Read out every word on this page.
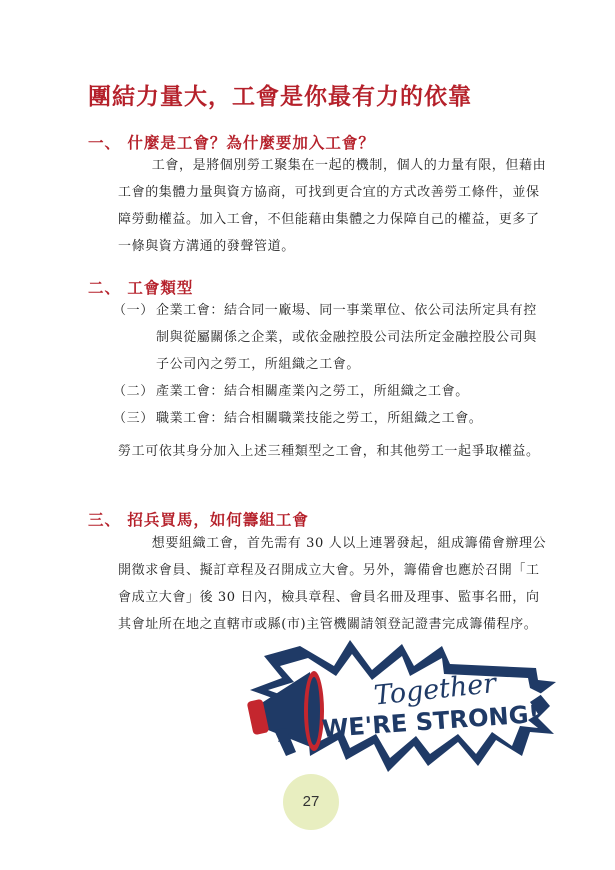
團結力量大，工會是你最有力的依靠
一、 什麼是工會？為什麼要加入工會？

工會，是將個別勞工聚集在一起的機制，個人的力量有限，但藉由工會的集體力量與資方協商，可找到更合宜的方式改善勞工條件，並保障勞動權益。加入工會，不但能藉由集體之力保障自己的權益，更多了一條與資方溝通的發聲管道。

二、 工會類型
（一） 企業工會：結合同一廠場、同一事業單位、依公司法所定具有控制與從屬關係之企業，或依金融控股公司法所定金融控股公司與子公司內之勞工，所組織之工會。
（二） 產業工會：結合相關產業內之勞工，所組織之工會。
（三） 職業工會：結合相關職業技能之勞工，所組織之工會。

勞工可依其身分加入上述三種類型之工會，和其他勞工一起爭取權益。

三、 招兵買馬，如何籌組工會

想要組織工會，首先需有 30 人以上連署發起，組成籌備會辦理公開徵求會員、擬訂章程及召開成立大會。另外，籌備會也應於召開「工會成立大會」後 30 日內，檢具章程、會員名冊及理事、監事名冊，向其會址所在地之直轄市或縣(市)主管機關請領登記證書完成籌備程序。

Together
WE'RE STRONG!
27
